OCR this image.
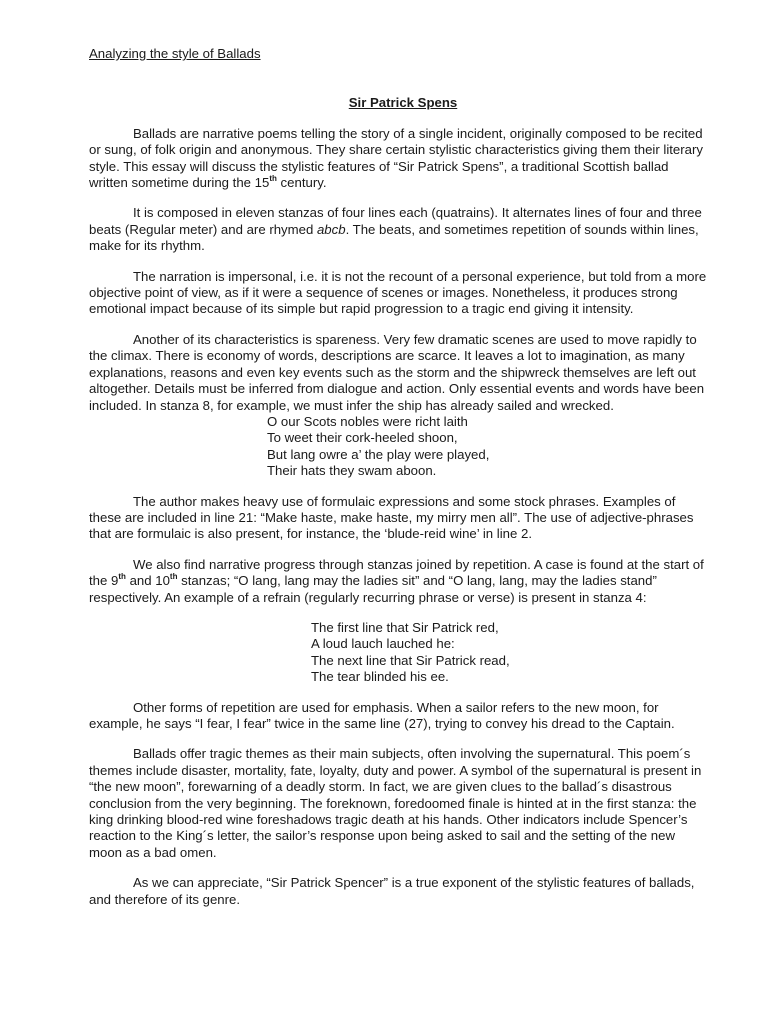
Analyzing the style of Ballads

Sir Patrick Spens

Ballads are narrative poems telling the story of a single incident, originally composed to be recited
or sung, of folk origin and anonymous. They share certain stylistic characteristics giving them their literary
style. This essay will discuss the stylistic features of “Sir Patrick Spens”, a traditional Scottish ballad
written sometime during the 15th century.

It is composed in eleven stanzas of four lines each (quatrains). It alternates lines of four and three
beats (Regular meter) and are rhymed abcb. The beats, and sometimes repetition of sounds within lines,
make for its rhythm.

The narration is impersonal, i.e. it is not the recount of a personal experience, but told from a more
objective point of view, as if it were a sequence of scenes or images. Nonetheless, it produces strong
emotional impact because of its simple but rapid progression to a tragic end giving it intensity.

Another of its characteristics is spareness. Very few dramatic scenes are used to move rapidly to
the climax. There is economy of words, descriptions are scarce. It leaves a lot to imagination, as many
explanations, reasons and even key events such as the storm and the shipwreck themselves are left out
altogether. Details must be inferred from dialogue and action. Only essential events and words have been
included. In stanza 8, for example, we must infer the ship has already sailed and wrecked.

O our Scots nobles were richt laith
To weet their cork-heeled shoon,
But lang owre a’ the play were played,
Their hats they swam aboon.

The author makes heavy use of formulaic expressions and some stock phrases. Examples of
these are included in line 21: “Make haste, make haste, my mirry men all”. The use of adjective-phrases
that are formulaic is also present, for instance, the ‘blude-reid wine’ in line 2.

We also find narrative progress through stanzas joined by repetition. A case is found at the start of
the 9th and 10th stanzas; “O lang, lang may the ladies sit” and “O lang, lang, may the ladies stand”
respectively. An example of a refrain (regularly recurring phrase or verse) is present in stanza 4:

The first line that Sir Patrick red,
A loud lauch lauched he:
The next line that Sir Patrick read,
The tear blinded his ee.

Other forms of repetition are used for emphasis. When a sailor refers to the new moon, for
example, he says “I fear, I fear” twice in the same line (27), trying to convey his dread to the Captain.

Ballads offer tragic themes as their main subjects, often involving the supernatural. This poem´s
themes include disaster, mortality, fate, loyalty, duty and power. A symbol of the supernatural is present in
“the new moon”, forewarning of a deadly storm. In fact, we are given clues to the ballad´s disastrous
conclusion from the very beginning. The foreknown, foredoomed finale is hinted at in the first stanza: the
king drinking blood-red wine foreshadows tragic death at his hands. Other indicators include Spencer’s
reaction to the King´s letter, the sailor’s response upon being asked to sail and the setting of the new
moon as a bad omen.

As we can appreciate, “Sir Patrick Spencer” is a true exponent of the stylistic features of ballads,
and therefore of its genre.
